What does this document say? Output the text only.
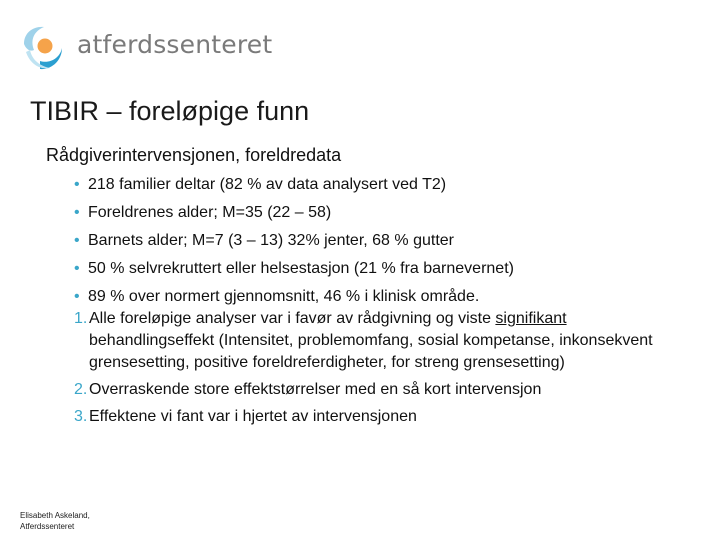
atferdssenteret
TIBIR – foreløpige funn
Rådgiverintervensjonen, foreldredata
• 218 familier deltar (82 % av data analysert ved T2)
• Foreldrenes alder; M=35 (22 – 58)
• Barnets alder; M=7 (3 – 13) 32% jenter, 68 % gutter
• 50 % selvrekruttert eller helsestasjon (21 % fra barnevernet)
• 89 % over normert gjennomsnitt, 46 % i klinisk område.
1. Alle foreløpige analyser var i favør av rådgivning og viste signifikant behandlingseffekt (Intensitet, problemomfang, sosial kompetanse, inkonsekvent grensesetting, positive foreldreferdigheter, for streng grensesetting)
2. Overraskende store effektstørrelser med en så kort intervensjon
3. Effektene vi fant var i hjertet av intervensjonen
Elisabeth Askeland,
Atferdssenteret
